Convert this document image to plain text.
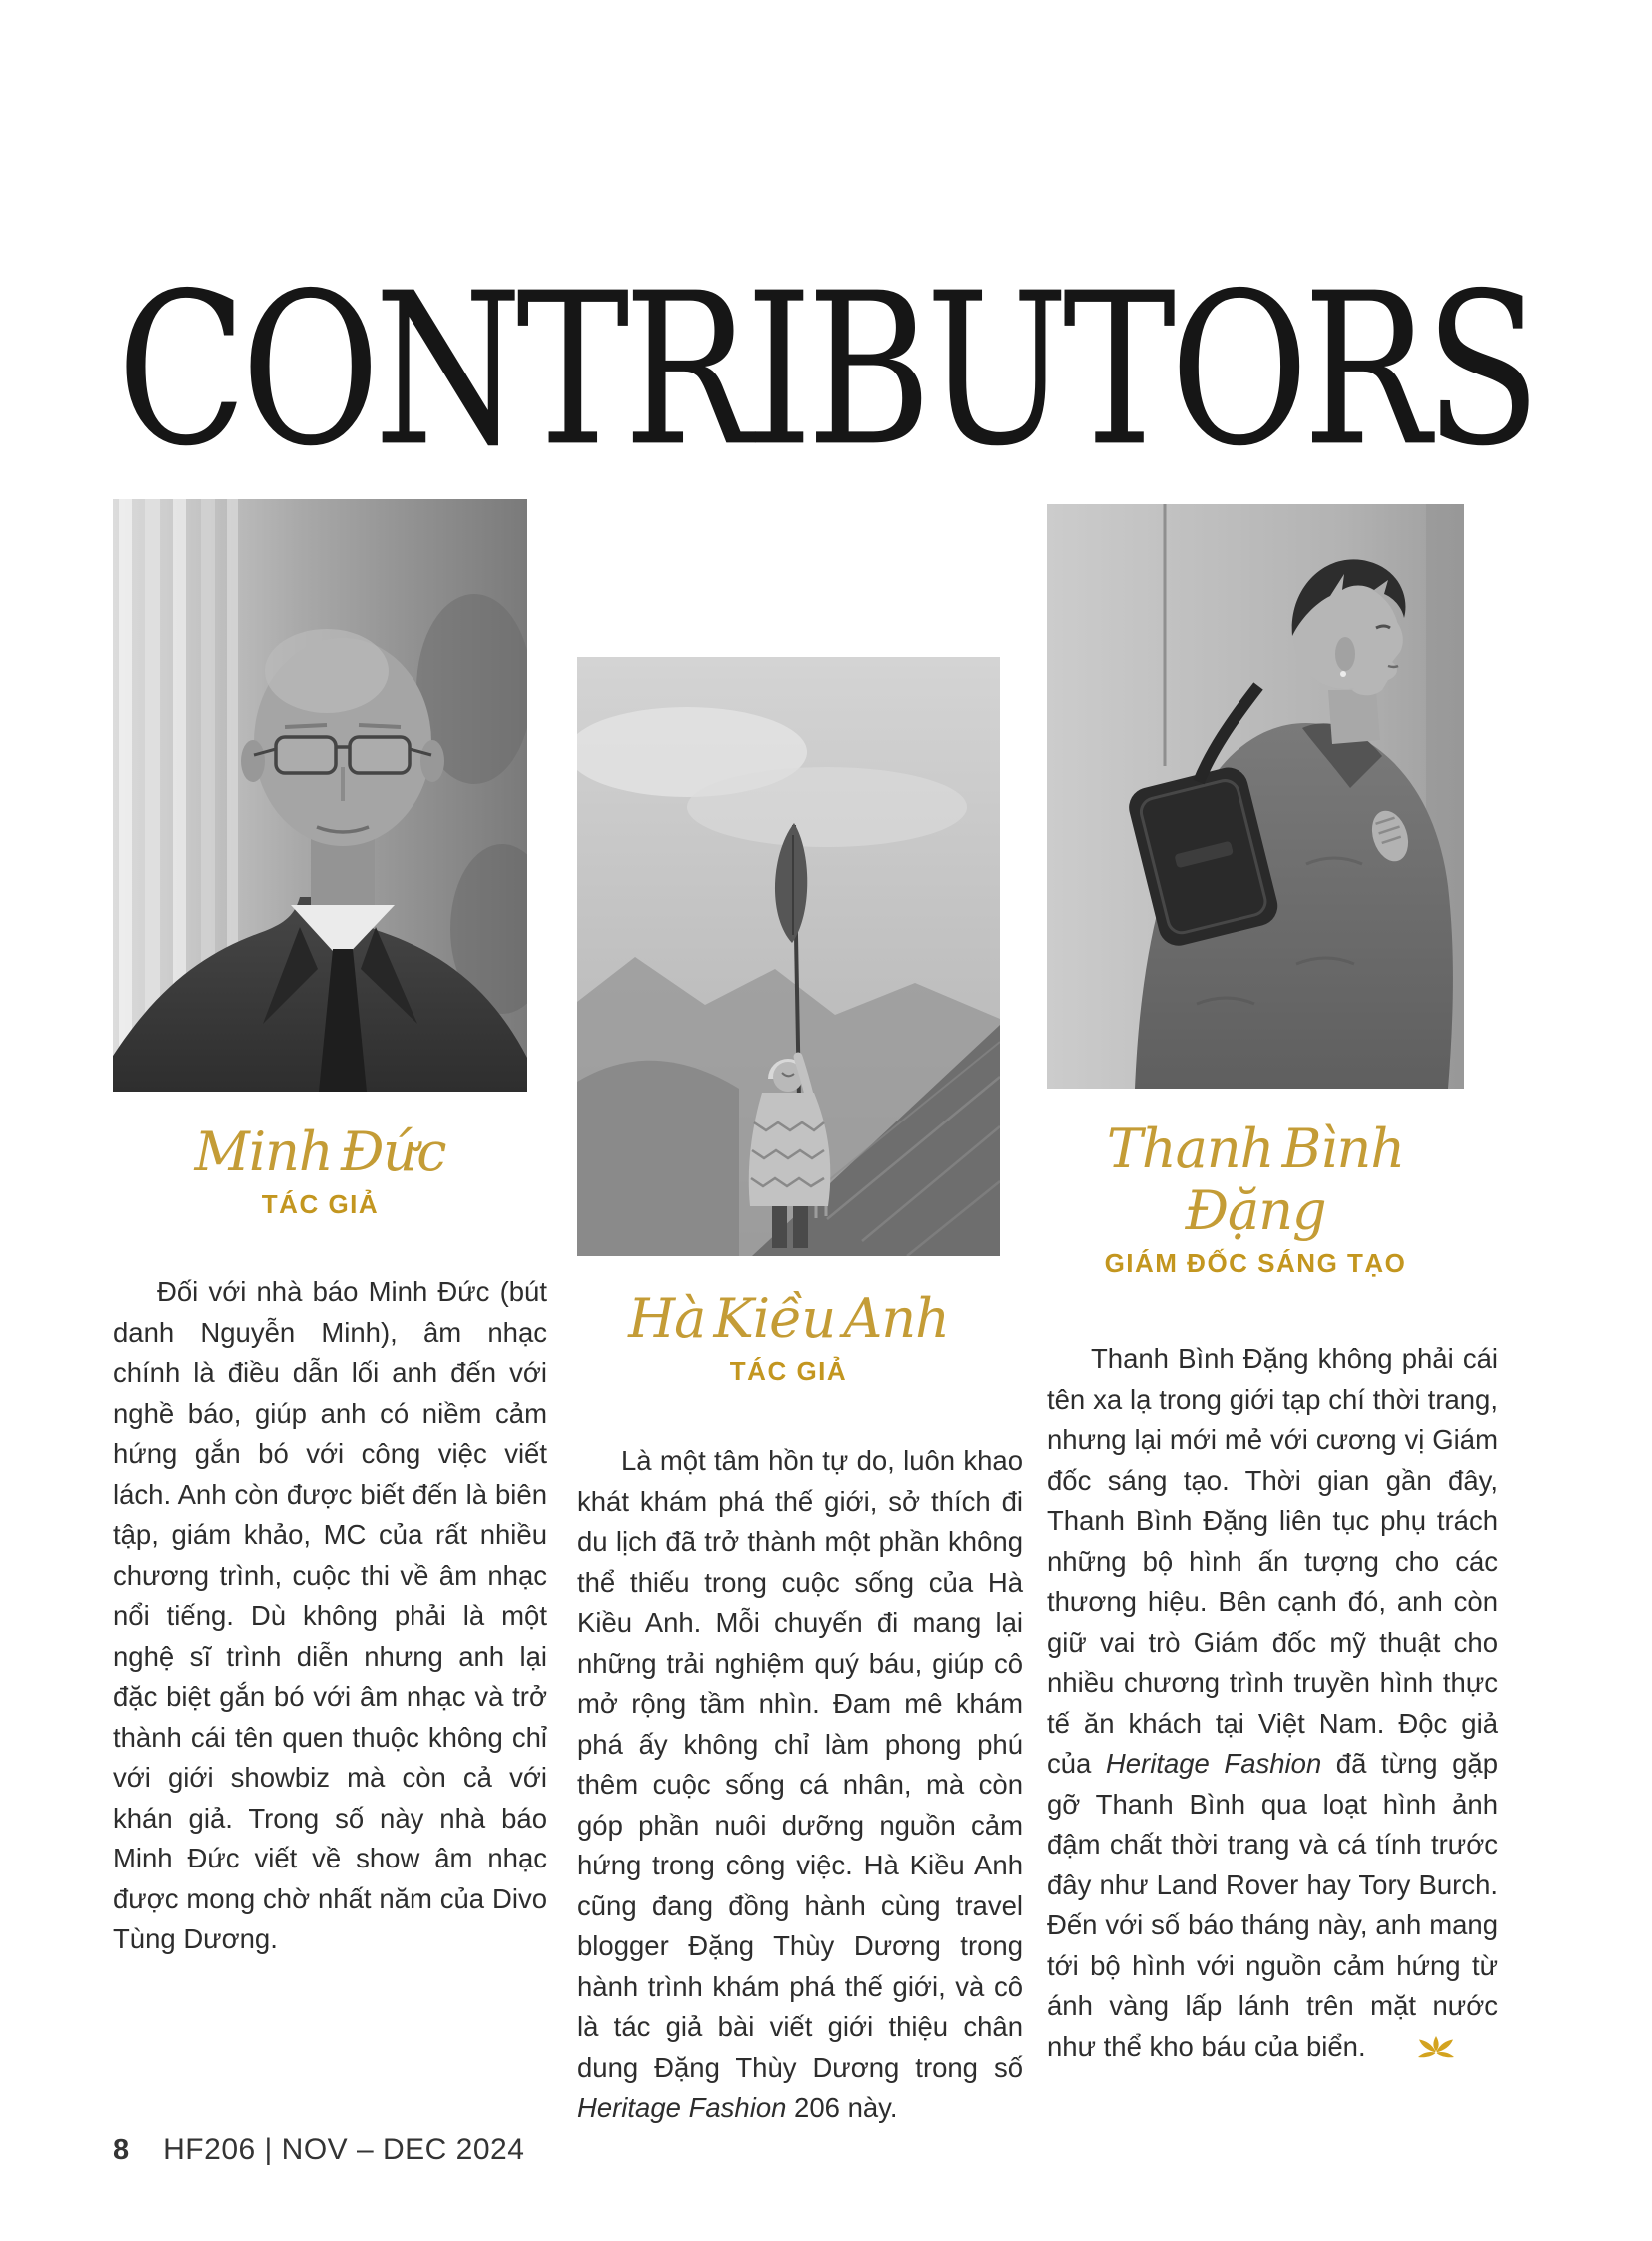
CONTRIBUTORS
Minh Đức
TÁC GIẢ

Đối với nhà báo Minh Đức (bút danh Nguyễn Minh), âm nhạc chính là điều dẫn lối anh đến với nghề báo, giúp anh có niềm cảm hứng gắn bó với công việc viết lách. Anh còn được biết đến là biên tập, giám khảo, MC của rất nhiều chương trình, cuộc thi về âm nhạc nổi tiếng. Dù không phải là một nghệ sĩ trình diễn nhưng anh lại đặc biệt gắn bó với âm nhạc và trở thành cái tên quen thuộc không chỉ với giới showbiz mà còn cả với khán giả. Trong số này nhà báo Minh Đức viết về show âm nhạc được mong chờ nhất năm của Divo Tùng Dương.

Hà Kiều Anh
TÁC GIẢ

Là một tâm hồn tự do, luôn khao khát khám phá thế giới, sở thích đi du lịch đã trở thành một phần không thể thiếu trong cuộc sống của Hà Kiều Anh. Mỗi chuyến đi mang lại những trải nghiệm quý báu, giúp cô mở rộng tầm nhìn. Đam mê khám phá ấy không chỉ làm phong phú thêm cuộc sống cá nhân, mà còn góp phần nuôi dưỡng nguồn cảm hứng trong công việc. Hà Kiều Anh cũng đang đồng hành cùng travel blogger Đặng Thùy Dương trong hành trình khám phá thế giới, và cô là tác giả bài viết giới thiệu chân dung Đặng Thùy Dương trong số Heritage Fashion 206 này.

Thanh Bình Đặng
GIÁM ĐỐC SÁNG TẠO

Thanh Bình Đặng không phải cái tên xa lạ trong giới tạp chí thời trang, nhưng lại mới mẻ với cương vị Giám đốc sáng tạo. Thời gian gần đây, Thanh Bình Đặng liên tục phụ trách những bộ hình ấn tượng cho các thương hiệu. Bên cạnh đó, anh còn giữ vai trò Giám đốc mỹ thuật cho nhiều chương trình truyền hình thực tế ăn khách tại Việt Nam. Độc giả của Heritage Fashion đã từng gặp gỡ Thanh Bình qua loạt hình ảnh đậm chất thời trang và cá tính trước đây như Land Rover hay Tory Burch. Đến với số báo tháng này, anh mang tới bộ hình với nguồn cảm hứng từ ánh vàng lấp lánh trên mặt nước như thể kho báu của biển.

8 HF206 | NOV – DEC 2024
